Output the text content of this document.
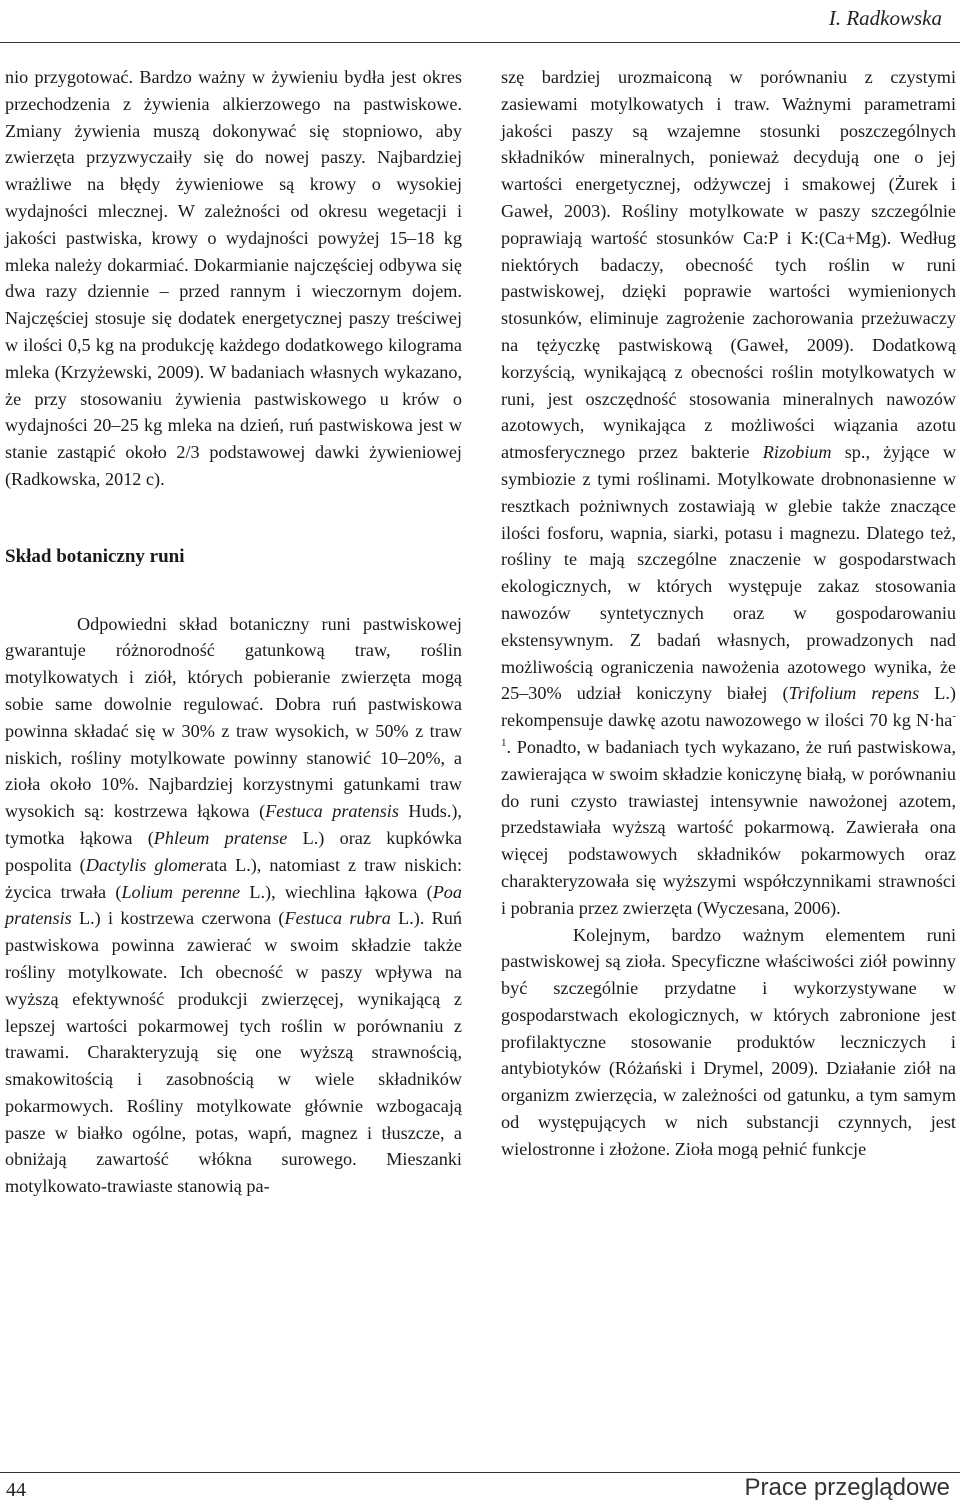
I. Radkowska

nio przygotować. Bardzo ważny w żywieniu bydła jest okres przechodzenia z żywienia alkierzowego na pastwiskowe. Zmiany żywienia muszą dokonywać się stopniowo, aby zwierzęta przyzwyczaiły się do nowej paszy. Najbardziej wrażliwe na błędy żywieniowe są krowy o wysokiej wydajności mlecznej. W zależności od okresu wegetacji i jakości pastwiska, krowy o wydajności powyżej 15–18 kg mleka należy dokarmiać. Dokarmianie najczęściej odbywa się dwa razy dziennie – przed rannym i wieczornym dojem. Najczęściej stosuje się dodatek energetycznej paszy treściwej w ilości 0,5 kg na produkcję każdego dodatkowego kilograma mleka (Krzyżewski, 2009). W badaniach własnych wykazano, że przy stosowaniu żywienia pastwiskowego u krów o wydajności 20–25 kg mleka na dzień, ruń pastwiskowa jest w stanie zastąpić około 2/3 podstawowej dawki żywieniowej (Radkowska, 2012 c).

Skład botaniczny runi

Odpowiedni skład botaniczny runi pastwiskowej gwarantuje różnorodność gatunkową traw, roślin motylkowatych i ziół, których pobieranie zwierzęta mogą sobie same dowolnie regulować. Dobra ruń pastwiskowa powinna składać się w 30% z traw wysokich, w 50% z traw niskich, rośliny motylkowate powinny stanowić 10–20%, a zioła około 10%. Najbardziej korzystnymi gatunkami traw wysokich są: kostrzewa łąkowa (Festuca pratensis Huds.), tymotka łąkowa (Phleum pratense L.) oraz kupkówka pospolita (Dactylis glomerata L.), natomiast z traw niskich: życica trwała (Lolium perenne L.), wiechlina łąkowa (Poa pratensis L.) i kostrzewa czerwona (Festuca rubra L.). Ruń pastwiskowa powinna zawierać w swoim składzie także rośliny motylkowate. Ich obecność w paszy wpływa na wyższą efektywność produkcji zwierzęcej, wynikającą z lepszej wartości pokarmowej tych roślin w porównaniu z trawami. Charakteryzują się one wyższą strawnością, smakowitością i zasobnością w wiele składników pokarmowych. Rośliny motylkowate głównie wzbogacają pasze w białko ogólne, potas, wapń, magnez i tłuszcze, a obniżają zawartość włókna surowego. Mieszanki motylkowato-trawiaste stanowią pa-

szę bardziej urozmaiconą w porównaniu z czystymi zasiewami motylkowatych i traw. Ważnymi parametrami jakości paszy są wzajemne stosunki poszczególnych składników mineralnych, ponieważ decydują one o jej wartości energetycznej, odżywczej i smakowej (Żurek i Gaweł, 2003). Rośliny motylkowate w paszy szczególnie poprawiają wartość stosunków Ca:P i K:(Ca+Mg). Według niektórych badaczy, obecność tych roślin w runi pastwiskowej, dzięki poprawie wartości wymienionych stosunków, eliminuje zagrożenie zachorowania przeżuwaczy na tężyczkę pastwiskową (Gaweł, 2009). Dodatkową korzyścią, wynikającą z obecności roślin motylkowatych w runi, jest oszczędność stosowania mineralnych nawozów azotowych, wynikająca z możliwości wiązania azotu atmosferycznego przez bakterie Rizobium sp., żyjące w symbiozie z tymi roślinami. Motylkowate drobnonasienne w resztkach pożniwnych zostawiają w glebie także znaczące ilości fosforu, wapnia, siarki, potasu i magnezu. Dlatego też, rośliny te mają szczególne znaczenie w gospodarstwach ekologicznych, w których występuje zakaz stosowania nawozów syntetycznych oraz w gospodarowaniu ekstensywnym. Z badań własnych, prowadzonych nad możliwością ograniczenia nawożenia azotowego wynika, że 25–30% udział koniczyny białej (Trifolium repens L.) rekompensuje dawkę azotu nawozowego w ilości 70 kg $N\cdot ha^{-1}$. Ponadto, w badaniach tych wykazano, że ruń pastwiskowa, zawierająca w swoim składzie koniczynę białą, w porównaniu do runi czysto trawiastej intensywnie nawożonej azotem, przedstawiała wyższą wartość pokarmową. Zawierała ona więcej podstawowych składników pokarmowych oraz charakteryzowała się wyższymi współczynnikami strawności i pobrania przez zwierzęta (Wyczesana, 2006).

Kolejnym, bardzo ważnym elementem runi pastwiskowej są zioła. Specyficzne właściwości ziół powinny być szczególnie przydatne i wykorzystywane w gospodarstwach ekologicznych, w których zabronione jest profilaktyczne stosowanie produktów leczniczych i antybiotyków (Różański i Drymel, 2009). Działanie ziół na organizm zwierzęcia, w zależności od gatunku, a tym samym od występujących w nich substancji czynnych, jest wielostronne i złożone. Zioła mogą pełnić funkcje

44	Prace przeglądowe
